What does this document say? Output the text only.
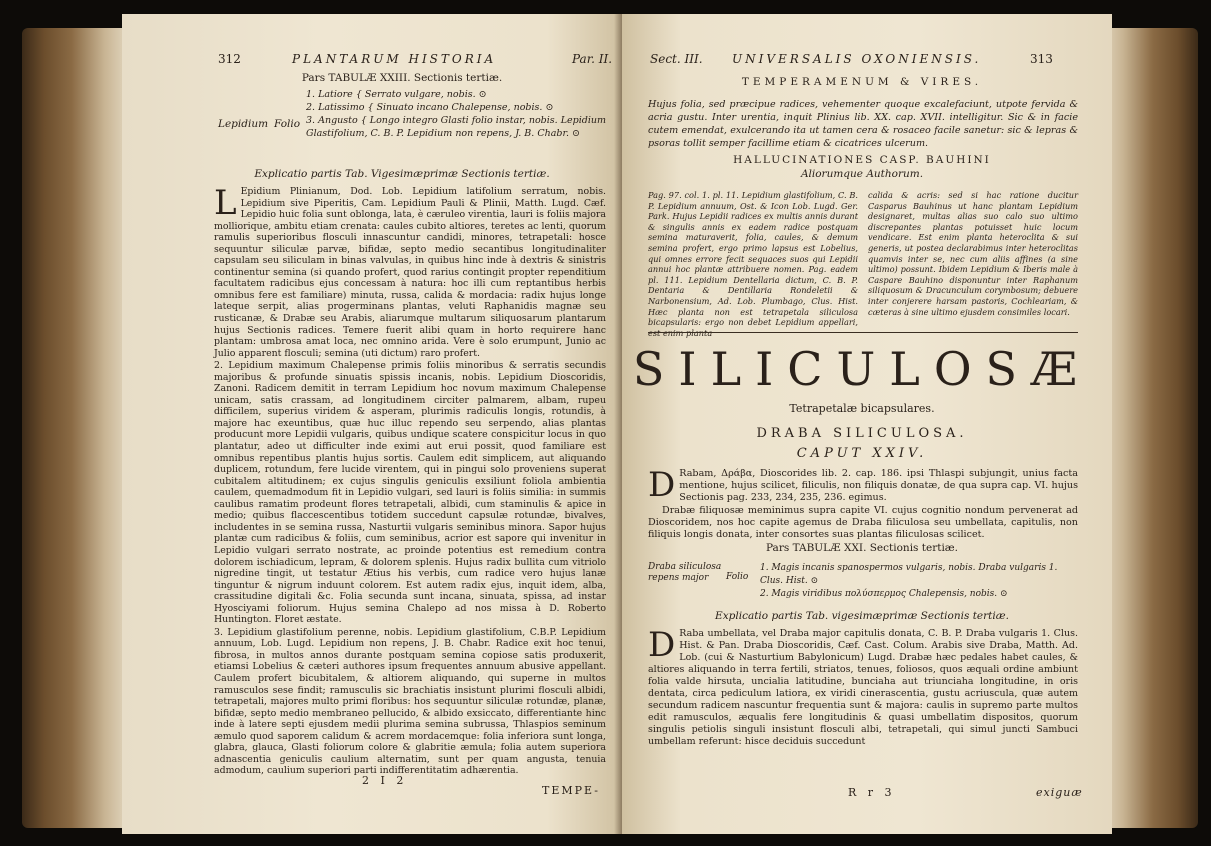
312	PLANTARUM HISTORIA	Par. II.
Pars TABULÆ XXIII. Sectionis tertiæ.
Lepidium Folio
1. Latiore { Serrato vulgare, nobis. ⊙
2. Latissimo { Sinuato incano Chalepense, nobis. ⊙
3. Angusto { Longo integro Glasti folio instar, nobis. Lepidium Glastifolium, C. B. P. Lepidium non repens, J. B. Chabr. ⊙
Explicatio partis Tab. Vigesimæprimæ Sectionis tertiæ.
L Epidium Plinianum, Dod. Lob. Lepidium latifolium serratum, nobis. Lepidium sive Piperitis, Cam. Lepidium Pauli & Plinii, Matth. Lugd. Cæf. Lepidio huic folia sunt oblonga, lata, è cæruleo virentia, lauri is foliis majora molliorique, ambitu etiam crenata: caules cubito altiores, teretes ac lenti, quorum ramulis superioribus flosculi innascuntur candidi, minores, tetrapetali: hosce sequuntur siliculæ parvæ, bifidæ, septo medio secantibus longitudinaliter capsulam seu siliculam in binas valvulas, in quibus hinc inde à dextris & sinistris continentur semina (si quando profert, quod rarius contingit propter rependitium facultatem radicibus ejus concessam à natura: hoc illi cum reptantibus herbis omnibus fere est familiare) minuta, russa, calida & mordacia: radix hujus longe lateque serpit, alias progerminans plantas, veluti Raphanidis magnæ seu rusticanæ, & Drabæ seu Arabis, aliarumque multarum siliquosarum plantarum hujus Sectionis radices. Temere fuerit alibi quam in horto requirere hanc plantam: umbrosa amat loca, nec omnino arida. Vere è solo erumpunt, Junio ac Julio apparent flosculi; semina (uti dictum) raro profert.
2. Lepidium maximum Chalepense primis foliis minoribus & serratis secundis majoribus & profunde sinuatis spissis incanis, nobis. Lepidium Dioscoridis, Zanoni. Radicem demitit in terram Lepidium hoc novum maximum Chalepense unicam, satis crassam, ad longitudinem circiter palmarem, albam, rupeu difficilem, superius viridem & asperam, plurimis radiculis longis, rotundis, à majore hac exeuntibus, quæ huc illuc rependo seu serpendo, alias plantas producunt more Lepidii vulgaris, quibus undique scatere conspicitur locus in quo plantatur, adeo ut difficulter inde eximi aut erui possit, quod familiare est omnibus repentibus plantis hujus sortis. Caulem edit simplicem, aut aliquando duplicem, rotundum, fere lucide virentem, qui in pingui solo proveniens superat cubitalem altitudinem; ex cujus singulis geniculis exsiliunt foliola ambientia caulem, quemadmodum fit in Lepidio vulgari, sed lauri is foliis similia: in summis caulibus ramatim prodeunt flores tetrapetali, albidi, cum staminulis & apice in medio; quibus flaccescentibus totidem succedunt capsulæ rotundæ, bivalves, includentes in se semina russa, Nasturtii vulgaris seminibus minora. Sapor hujus plantæ cum radicibus & foliis, cum seminibus, acrior est sapore qui invenitur in Lepidio vulgari serrato nostrate, ac proinde potentius est remedium contra dolorem ischiadicum, lepram, & dolorem splenis. Hujus radix bullita cum vitriolo nigredine tingit, ut testatur Ætius his verbis, cum radice vero hujus lanæ tinguntur & nigrum induunt colorem. Est autem radix ejus, inquit idem, alba, crassitudine digitali &c. Folia secunda sunt incana, sinuata, spissa, ad instar Hyosciyami foliorum. Hujus semina Chalepo ad nos missa à D. Roberto Huntington. Floret æstate.
3. Lepidium glastifolium perenne, nobis. Lepidium glastifolium, C.B.P. Lepidium annuum, Lob. Lugd. Lepidium non repens, J. B. Chabr. Radice exit hoc tenui, fibrosa, in multos annos durante postquam semina copiose satis produxerit, etiamsi Lobelius & cæteri authores ipsum frequentes annuum abusive appellant. Caulem profert bicubitalem, & altiorem aliquando, qui superne in multos ramusculos sese findit; ramusculis sic brachiatis insistunt plurimi flosculi albidi, tetrapetali, majores multo primi floribus: hos sequuntur siliculæ rotundæ, planæ, bifidæ, septo medio membraneo pellucido, & albido exsiccato, differentiante hinc inde à latere septi ejusdem medii plurima semina subrussa, Thlaspios seminum æmulo quod saporem calidum & acrem mordacemque: folia inferiora sunt longa, glabra, glauca, Glasti foliorum colore & glabritie æmula; folia autem superiora adnascentia geniculis caulium alternatim, sunt per quam angusta, tenuia admodum, caulium superiori parti indifferentitatim adhærentia.
2 I 2
TEMPE-
Sect. III. UNIVERSALIS OXONIENSIS.	313
TEMPERAMENUM & VIRES.
Hujus folia, sed præcipue radices, vehementer quoque excalefaciunt, utpote fervida & acria gustu. Inter urentia, inquit Plinius lib. XX. cap. XVII. intelligitur. Sic & in facie cutem emendat, exulcerando ita ut tamen cera & rosaceo facile sanetur: sic & lepras & psoras tollit semper facillime etiam & cicatrices ulcerum.
HALLUCINATIONES CASP. BAUHINI
Aliorumque Authorum.
Pag. 97. col. 1. pl. 11. Lepidium glastifolium, C. B. P. Lepidium annuum, Ost. & Icon Lob. Lugd. Ger. Park. Hujus Lepidii radices ex multis annis durant & singulis annis ex eadem radice postquam semina maturaverit, folia, caules, & demum semina profert, ergo primo lapsus est Lobelius, qui omnes errore fecit sequaces suos qui Lepidii annui hoc plantæ attribuere nomen. Pag. eadem pl. 111. Lepidium Dentellaria dictum, C. B. P. Dentaria & Dentillaria Rondeletii & Narbonensium, Ad. Lob. Plumbago, Clus. Hist. Hæc planta non est tetrapetala siliculosa bicapsularis: ergo non debet Lepidium appellari,
calida & acris: sed si hac ratione ducitur Casparus Bauhinus ut hanc plantam Lepidium designaret, multas alias suo calo suo ultimo discrepantes plantas potuisset huic locum vendicare. Est enim planta heteroclita & sui generis, ut postea declarabimus inter heteroclitas quamvis inter se, nec cum aliis affines (a sine ultimo) possunt. Ibidem Lepidium & Iberis male à Caspare Bauhino disponuntur inter Raphanum siliquosum & Dracunculum corymbosum; debuere inter conjerere harsam pastoris, Cochleariam, & cæteras à sine ultimo ejusdem consimiles locari.
SILICULOSÆ
Tetrapetalæ bicapsulares.
DRABA SILICULOSA.
CAPUT XXIV.
D Rabam, Δράβα, Dioscorides lib. 2. cap. 186. ipsi Thlaspi subjungit, unius facta mentione, hujus scilicet, filiculis, non filiquis donatæ, de qua supra cap. VI. hujus Sectionis pag. 233, 234, 235, 236. egimus.
Drabæ filiquosæ meminimus supra capite VI. cujus cognitio nondum pervenerat ad Dioscoridem, nos hoc capite agemus de Draba filiculosa seu umbellata, capitulis, non filiquis longis donata, inter consortes suas plantas filiculosas scilicet.
Pars TABULÆ XXI. Sectionis tertiæ.
Draba siliculosa repens major	Folio
1. Magis incanis spanospermos vulgaris, nobis. Draba vulgaris 1. Clus. Hist. ⊙
2. Magis viridibus πολύσπερμος Chalepensis, nobis. ⊙
Explicatio partis Tab. vigesimæprimæ Sectionis tertiæ.
D Raba umbellata, vel Draba major capitulis donata, C. B. P. Draba vulgaris 1. Clus. Hist. & Pan. Draba Dioscoridis, Cæf. Cast. Colum. Arabis sive Draba, Matth. Ad. Lob. (cui & Nasturtium Babylonicum) Lugd. Drabæ hæc pedales habet caules, & altiores aliquando in terra fertili, striatos, tenues, foliosos, quos æquali ordine ambiunt folia valde hirsuta, uncialia latitudine, bunciaha aut triunciaha longitudine, in oris dentata, circa pediculum latiora, ex viridi cinerascentia, gustu acriuscula, quæ autem secundum radicem nascuntur frequentia sunt & majora: caulis in supremo parte multos edit ramusculos, æqualis fere longitudinis & quasi umbellatim dispositos, quorum singulis petiolis singuli insistunt flosculi albi, tetrapetali, qui simul juncti Sambuci umbellam referunt: hisce deciduis succedunt
R r 3	exiguæ
